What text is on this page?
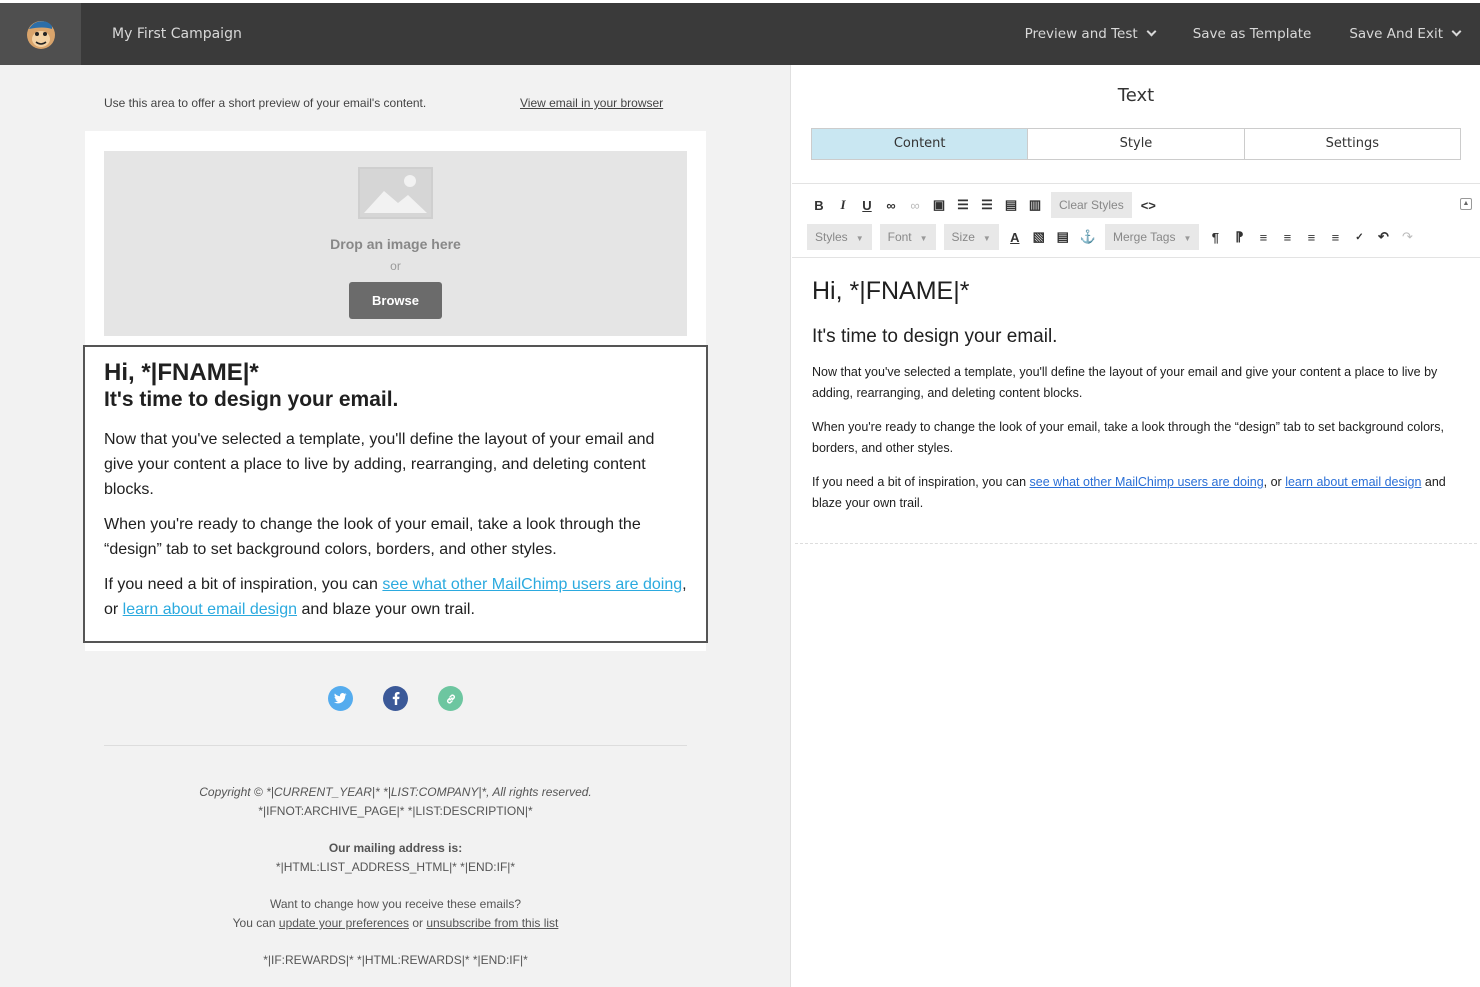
My First Campaign	Preview and Test	Save as Template	Save And Exit
Use this area to offer a short preview of your email's content.	View email in your browser
Drop an image here
or
Browse
Hi, *|FNAME|*
It's time to design your email.

Now that you've selected a template, you'll define the layout of your email and give your content a place to live by adding, rearranging, and deleting content blocks.

When you're ready to change the look of your email, take a look through the “design” tab to set background colors, borders, and other styles.

If you need a bit of inspiration, you can see what other MailChimp users are doing, or learn about email design and blaze your own trail.

Copyright © *|CURRENT_YEAR|* *|LIST:COMPANY|*, All rights reserved.
*|IFNOT:ARCHIVE_PAGE|* *|LIST:DESCRIPTION|*
Our mailing address is:
*|HTML:LIST_ADDRESS_HTML|* *|END:IF|*
Want to change how you receive these emails?
You can update your preferences or unsubscribe from this list
*|IF:REWARDS|* *|HTML:REWARDS|* *|END:IF|*
Text
Content	Style	Settings
B	I	U ∞ ∞ ▣ ☰ ☰ ▤ ▥	Clear Styles	<>	▲
Styles ▼	Font ▼	Size ▼	A ▧ ▤ ⚓	Merge Tags ▼	¶ ⁋ ≡ ≡ ≡ ≡	✓ ↶ ↷
Hi, *|FNAME|*
It's time to design your email.

Now that you've selected a template, you'll define the layout of your email and give your content a place to live by adding, rearranging, and deleting content blocks.

When you're ready to change the look of your email, take a look through the “design” tab to set background colors, borders, and other styles.

If you need a bit of inspiration, you can see what other MailChimp users are doing, or learn about email design and blaze your own trail.
